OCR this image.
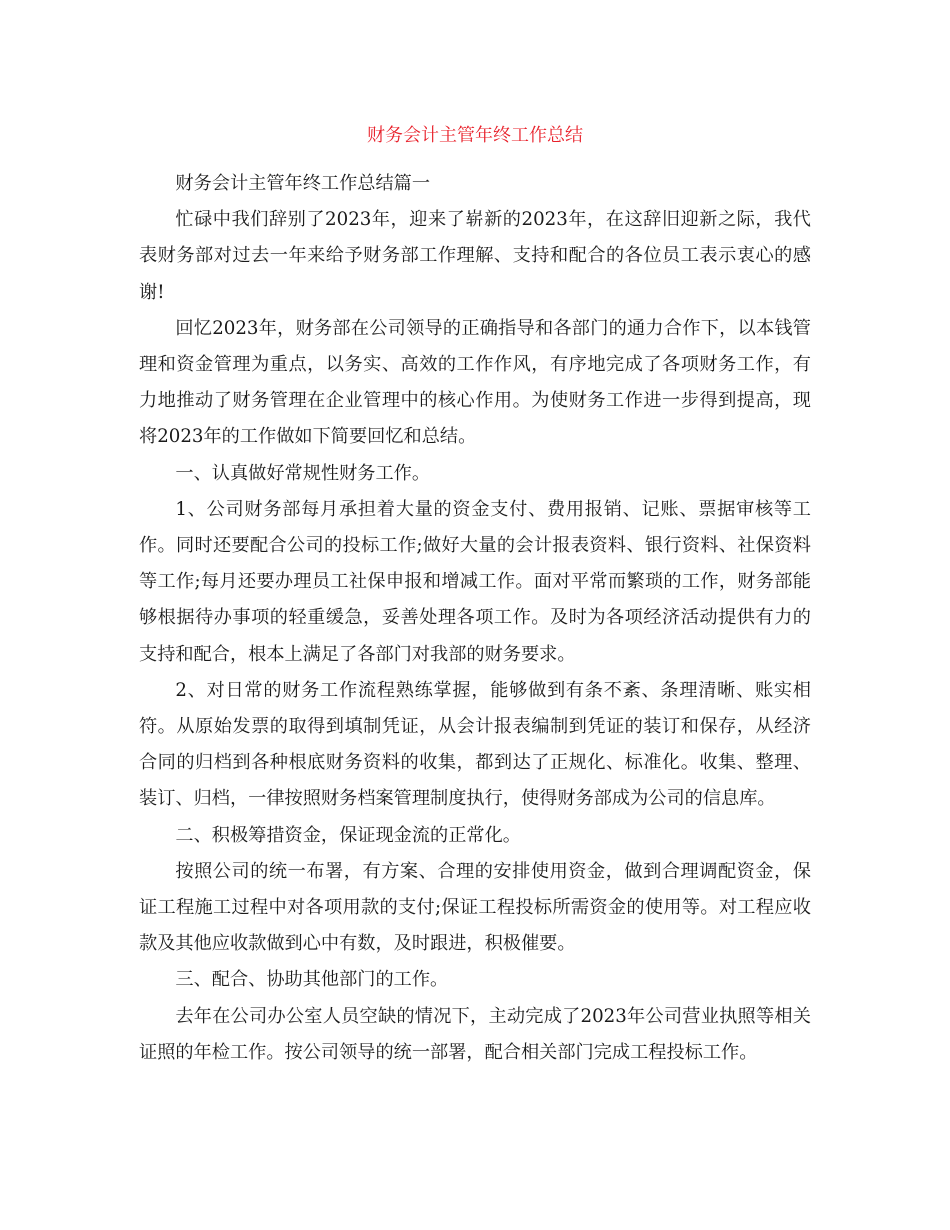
财务会计主管年终工作总结

财务会计主管年终工作总结篇一

忙碌中我们辞别了2023年，迎来了崭新的2023年，在这辞旧迎新之际，我代表财务部对过去一年来给予财务部工作理解、支持和配合的各位员工表示衷心的感谢!

回忆2023年，财务部在公司领导的正确指导和各部门的通力合作下，以本钱管理和资金管理为重点，以务实、高效的工作作风，有序地完成了各项财务工作，有力地推动了财务管理在企业管理中的核心作用。为使财务工作进一步得到提高，现将2023年的工作做如下简要回忆和总结。

一、认真做好常规性财务工作。

1、公司财务部每月承担着大量的资金支付、费用报销、记账、票据审核等工作。同时还要配合公司的投标工作;做好大量的会计报表资料、银行资料、社保资料等工作;每月还要办理员工社保申报和增减工作。面对平常而繁琐的工作，财务部能够根据待办事项的轻重缓急，妥善处理各项工作。及时为各项经济活动提供有力的支持和配合，根本上满足了各部门对我部的财务要求。

2、对日常的财务工作流程熟练掌握，能够做到有条不紊、条理清晰、账实相符。从原始发票的取得到填制凭证，从会计报表编制到凭证的装订和保存，从经济合同的归档到各种根底财务资料的收集，都到达了正规化、标准化。收集、整理、装订、归档，一律按照财务档案管理制度执行，使得财务部成为公司的信息库。

二、积极筹措资金，保证现金流的正常化。

按照公司的统一布署，有方案、合理的安排使用资金，做到合理调配资金，保证工程施工过程中对各项用款的支付;保证工程投标所需资金的使用等。对工程应收款及其他应收款做到心中有数，及时跟进，积极催要。

三、配合、协助其他部门的工作。

去年在公司办公室人员空缺的情况下，主动完成了2023年公司营业执照等相关证照的年检工作。按公司领导的统一部署，配合相关部门完成工程投标工作。
